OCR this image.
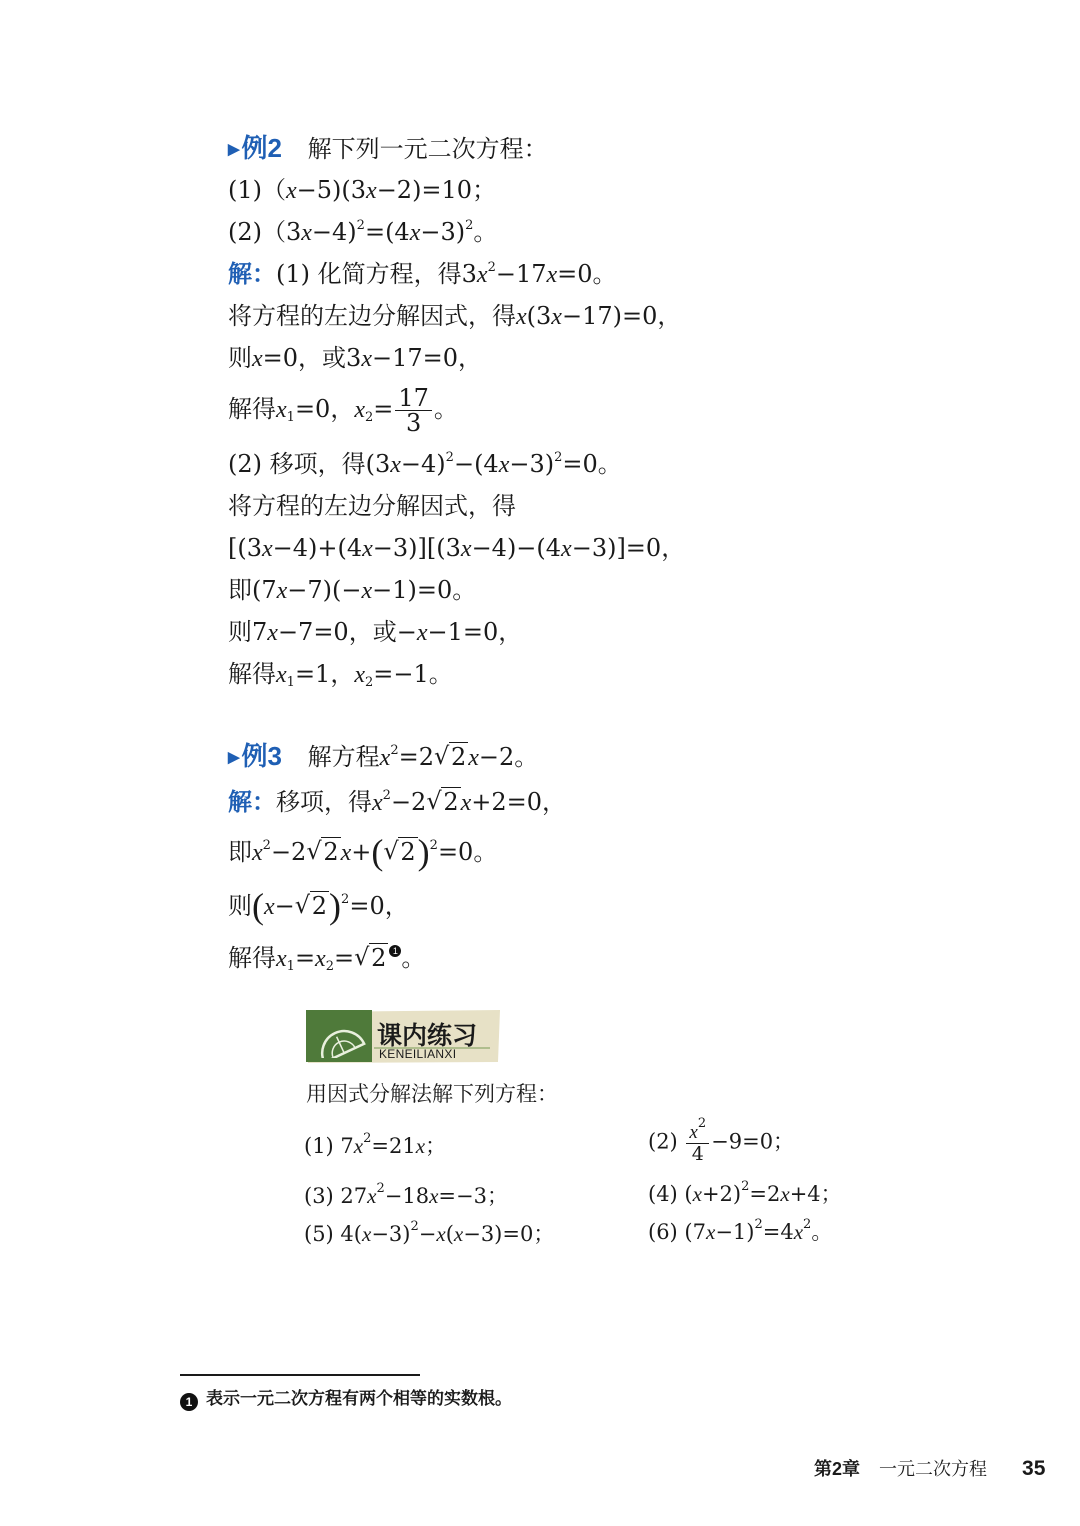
▶例2 解下列一元二次方程：
(1)（x−5)(3x−2)=10；
$(2)(3x-4)^2=(4x-3)^2$。
解：(1) 化简方程，得$3x^2-17x=0$。
将方程的左边分解因式，得x(3x−17)=0，
则x=0，或3x−17=0，
解得$x_1=0$，$x_2= \frac{17}{3}$ 。
(2) 移项，得$(3x-4)^2-(4x-3)^2=0$。
将方程的左边分解因式，得
[(3x−4)+(4x−3)][(3x−4)−(4x−3)]=0，
即(7x−7)(−x−1)=0。
则7x−7=0，或−x−1=0，
解得$x_1=1$，$x_2=-1$。
▶例3 解方程$x^2=2√$ 2x−2。
解：移项，得$x^2-2√$ 2x+2=0，
即$x^2-2√$ 2x+(√ 2)$^2$=0。
则(x−√ 2)$^2$=0，
解得$x_1=x_2=√$ 2 1 。
课内练习
KENEILIANXI
用因式分解法解下列方程：
(1) $7x^2=21x$；	$(2) \frac{x^2}{4} -9=0$；
(3) $27x^2-18x=-3$；	(4) $(x+2)^2=2x+4$；
(5) $4(x-3)^2-x(x-3)=0$；	(6) $(7x-1)^2=4x^2$。
1 表示一元二次方程有两个相等的实数根。
第2章 一元二次方程 35
